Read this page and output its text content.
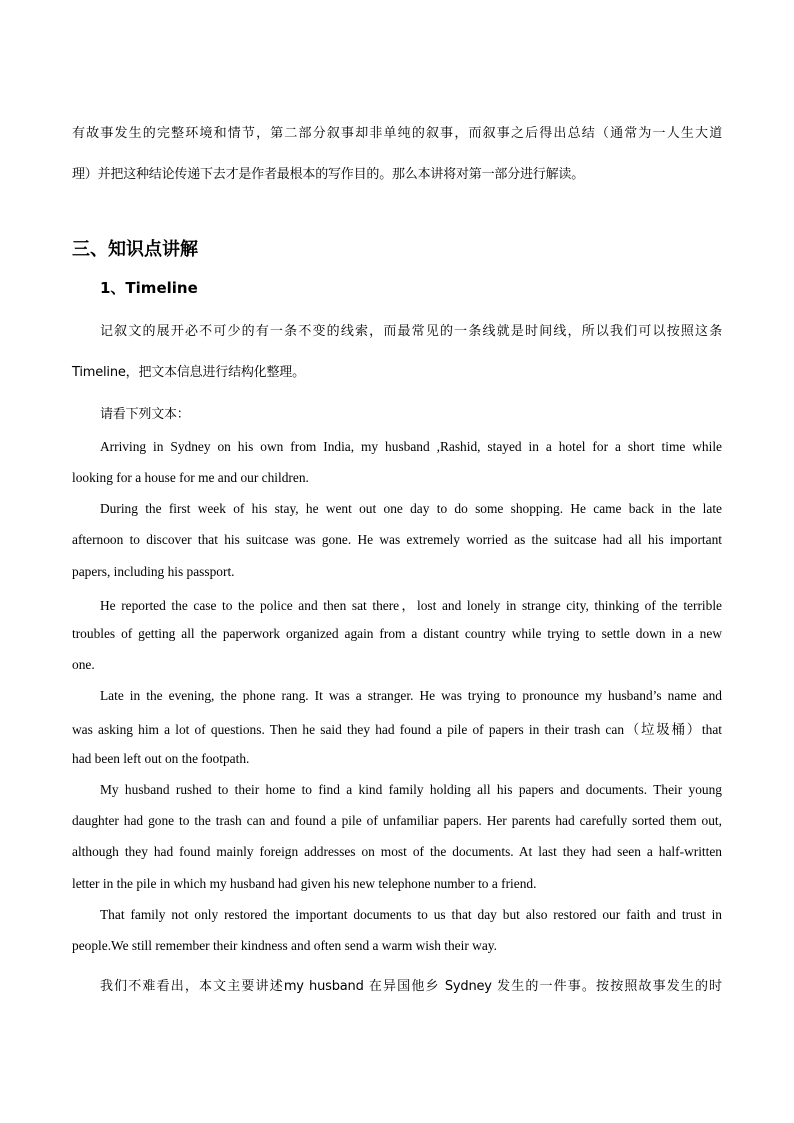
有故事发生的完整环境和情节，第二部分叙事却非单纯的叙事，而叙事之后得出总结（通常为一人生大道

理）并把这种结论传递下去才是作者最根本的写作目的。那么本讲将对第一部分进行解读。

三、知识点讲解

1、Timeline

记叙文的展开必不可少的有一条不变的线索，而最常见的一条线就是时间线，所以我们可以按照这条

Timeline，把文本信息进行结构化整理。

请看下列文本：

Arriving in Sydney on his own from India, my husband ,Rashid, stayed in a hotel for a short time while

looking for a house for me and our children.

During the first week of his stay, he went out one day to do some shopping. He came back in the late

afternoon to discover that his suitcase was gone. He was extremely worried as the suitcase had all his important

papers, including his passport.

He reported the case to the police and then sat there，lost and lonely in strange city, thinking of the terrible

troubles of getting all the paperwork organized again from a distant country while trying to settle down in a new

one.

Late in the evening, the phone rang. It was a stranger. He was trying to pronounce my husband’s name and

was asking him a lot of questions. Then he said they had found a pile of papers in their trash can（垃圾桶）that

had been left out on the footpath.

My husband rushed to their home to find a kind family holding all his papers and documents. Their young

daughter had gone to the trash can and found a pile of unfamiliar papers. Her parents had carefully sorted them out,

although they had found mainly foreign addresses on most of the documents. At last they had seen a half-written

letter in the pile in which my husband had given his new telephone number to a friend.

That family not only restored the important documents to us that day but also restored our faith and trust in

people.We still remember their kindness and often send a warm wish their way.

我们不难看出，本文主要讲述my husband 在异国他乡 Sydney 发生的一件事。按按照故事发生的时
